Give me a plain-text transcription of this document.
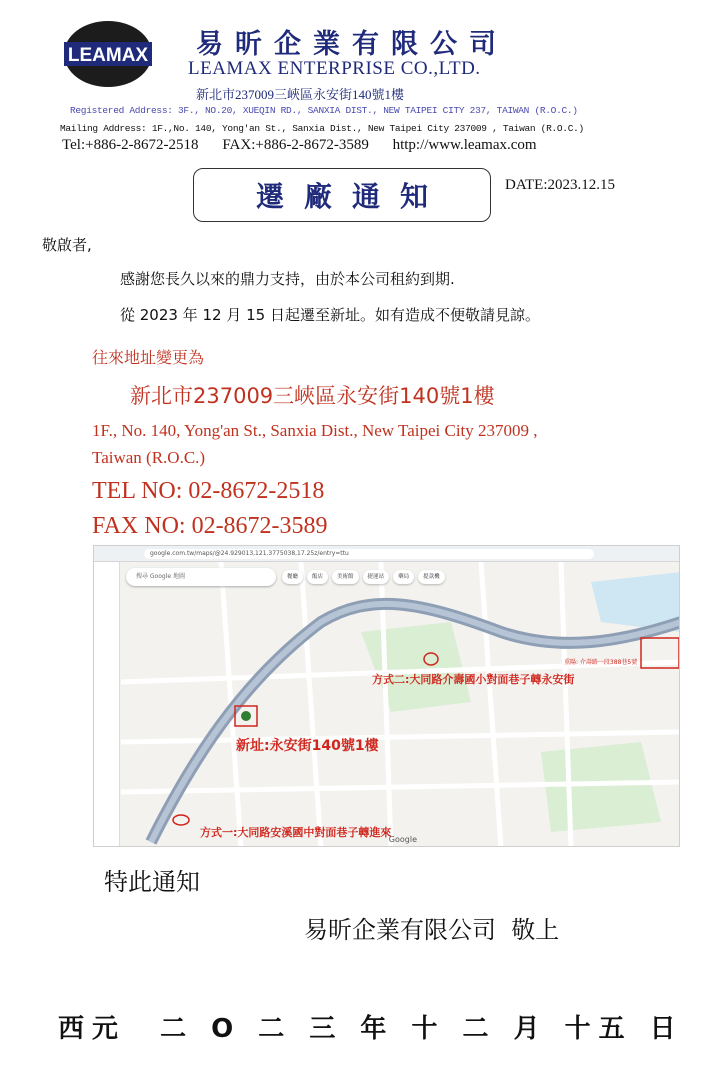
LEAMAX 易昕企業有限公司
LEAMAX ENTERPRISE CO.,LTD.
新北市237009三峽區永安街140號1樓
Registered Address: 3F., NO.20, XUEQIN RD., SANXIA DIST., NEW TAIPEI CITY 237, TAIWAN (R.O.C.)
Mailing Address: 1F.,No. 140, Yong'an St., Sanxia Dist., New Taipei City 237009 , Taiwan (R.O.C.)
Tel:+886-2-8672-2518 FAX:+886-2-8672-3589 http://www.leamax.com
遷廠通知	DATE:2023.12.15
敬啟者,
感謝您長久以來的鼎力支持，由於本公司租約到期.
從 2023 年 12 月 15 日起遷至新址。如有造成不便敬請見諒。
往來地址變更為
新北市237009三峽區永安街140號1樓
1F., No. 140, Yong'an St., Sanxia Dist., New Taipei City 237009 ,
Taiwan (R.O.C.)
TEL NO: 02-8672-2518
FAX NO: 02-8672-3589
google.com.tw/maps/@24.929013,121.3775038,17.25z/entry=ttu
搜尋 Google 地圖	餐廳	飯店	美術館	捷運站	藥局	提款機
新址:永安街140號1樓
方式二:大同路介壽國小對面巷子轉永安街
方式一:大同路安溪國中對面巷子轉進來
重陽: 介壽路一段388巷5號
Google
特此通知
易昕企業有限公司  敬上
西元  二 O 二 三 年 十 二 月 十五 日
